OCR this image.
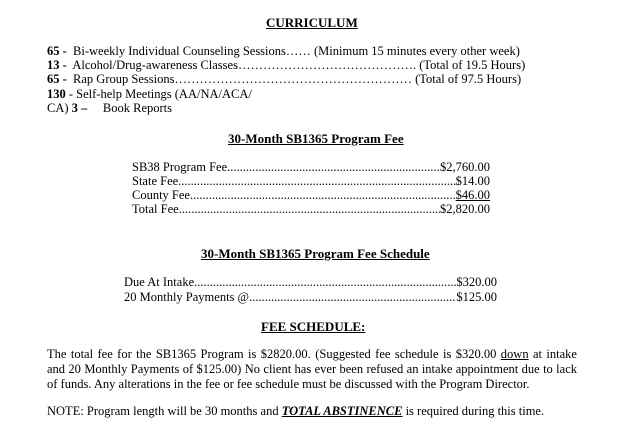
CURRICULUM
65 - Bi-weekly Individual Counseling Sessions…… (Minimum 15 minutes every other week)
13 - Alcohol/Drug-awareness Classes……………………………………. (Total of 19.5 Hours)
65 - Rap Group Sessions………………………………………………… (Total of 97.5 Hours)
130 - Self-help Meetings (AA/NA/ACA/
CA) 3 – Book Reports
30-Month SB1365 Program Fee
SB38 Program Fee .....	$2,760.00
State Fee .....	$14.00
County Fee .....	$46.00
Total Fee .....	$2,820.00
30-Month SB1365 Program Fee Schedule
Due At Intake .....	$320.00
20 Monthly Payments @ .....	$125.00
FEE SCHEDULE:
The total fee for the SB1365 Program is $2820.00. (Suggested fee schedule is $320.00 down at intake and 20 Monthly Payments of $125.00) No client has ever been refused an intake appointment due to lack of funds. Any alterations in the fee or fee schedule must be discussed with the Program Director.
NOTE: Program length will be 30 months and TOTAL ABSTINENCE is required during this time.
